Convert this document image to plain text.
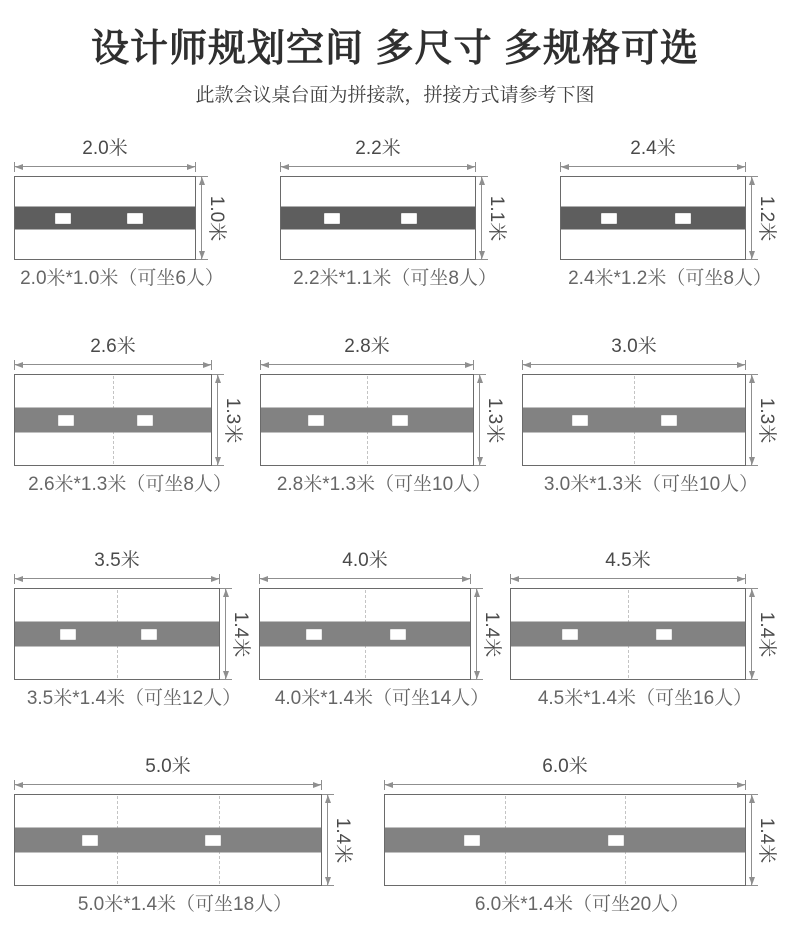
设计师规划空间 多尺寸 多规格可选

此款会议桌台面为拼接款，拼接方式请参考下图

2.0米
1.0米
2.0米*1.0米（可坐6人）
2.2米
1.1米
2.2米*1.1米（可坐8人）
2.4米
1.2米
2.4米*1.2米（可坐8人）
2.6米
1.3米
2.6米*1.3米（可坐8人）
2.8米
1.3米
2.8米*1.3米（可坐10人）
3.0米
1.3米
3.0米*1.3米（可坐10人）
3.5米
1.4米
3.5米*1.4米（可坐12人）
4.0米
1.4米
4.0米*1.4米（可坐14人）
4.5米
1.4米
4.5米*1.4米（可坐16人）
5.0米
1.4米
5.0米*1.4米（可坐18人）
6.0米
1.4米
6.0米*1.4米（可坐20人）
